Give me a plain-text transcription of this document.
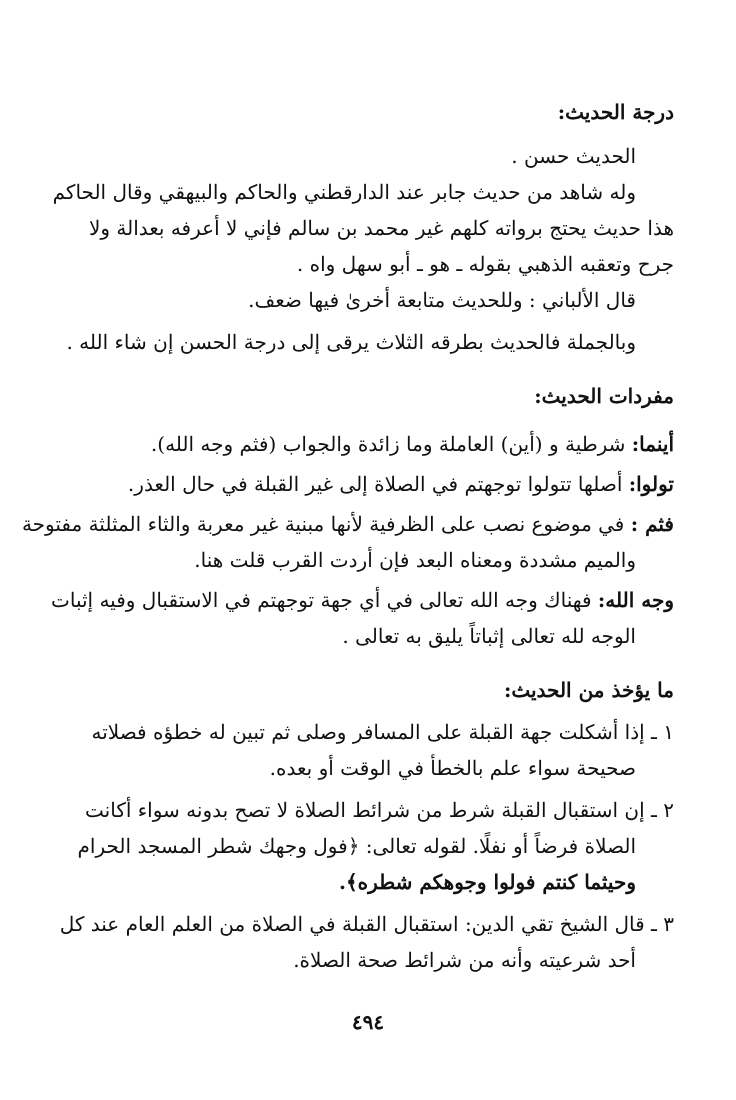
درجة الحديث:
الحديث حسن .
وله شاهد من حديث جابر عند الدارقطني والحاكم والبيهقي وقال الحاكم
هذا حديث يحتج برواته كلهم غير محمد بن سالم فإني لا أعرفه بعدالة ولا
جرح وتعقبه الذهبي بقوله ـ هو ـ أبو سهل واه .
قال الألباني : وللحديث متابعة أخرىٰ فيها ضعف.
وبالجملة فالحديث بطرقه الثلاث يرقى إلى درجة الحسن إن شاء الله .
مفردات الحديث:
أينما: شرطية و (أين) العاملة وما زائدة والجواب (فثم وجه الله).
تولوا: أصلها تتولوا توجهتم في الصلاة إلى غير القبلة في حال العذر.
فثم : في موضوع نصب على الظرفية لأنها مبنية غير معربة والثاء المثلثة مفتوحة
والميم مشددة ومعناه البعد فإن أردت القرب قلت هنا.
وجه الله: فهناك وجه الله تعالى في أي جهة توجهتم في الاستقبال وفيه إثبات
الوجه لله تعالى إثباتاً يليق به تعالى .
ما يؤخذ من الحديث:
١ ـ إذا أشكلت جهة القبلة على المسافر وصلى ثم تبين له خطؤه فصلاته
صحيحة سواء علم بالخطأ في الوقت أو بعده.
٢ ـ إن استقبال القبلة شرط من شرائط الصلاة لا تصح بدونه سواء أكانت
الصلاة فرضاً أو نفلًا. لقوله تعالى: ﴿فول وجهك شطر المسجد الحرام
وحيثما كنتم فولوا وجوهكم شطره﴾.
٣ ـ قال الشيخ تقي الدين: استقبال القبلة في الصلاة من العلم العام عند كل
أحد شرعيته وأنه من شرائط صحة الصلاة.
٤٩٤
